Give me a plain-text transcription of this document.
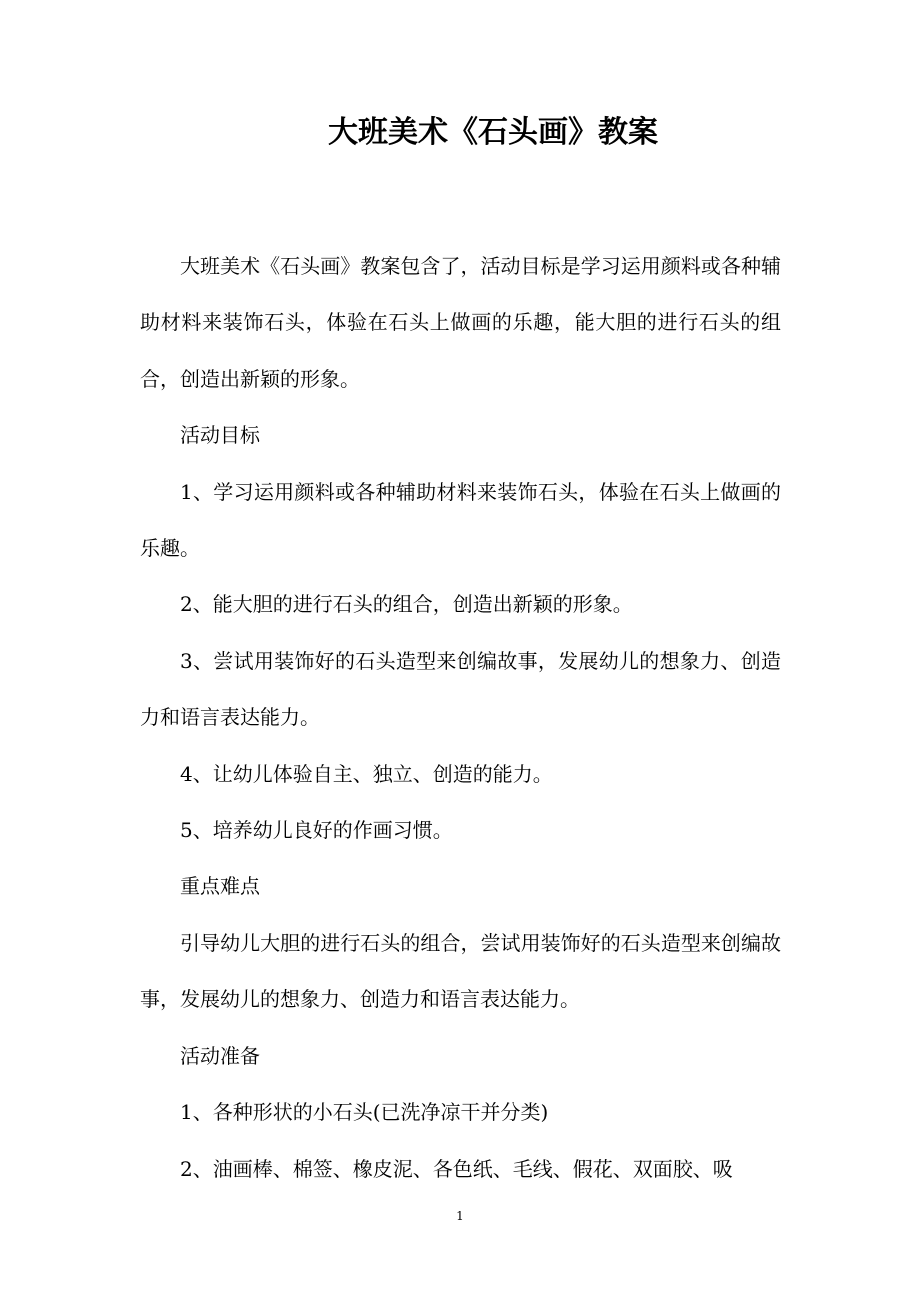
大班美术《石头画》教案

大班美术《石头画》教案包含了，活动目标是学习运用颜料或各种辅助材料来装饰石头，体验在石头上做画的乐趣，能大胆的进行石头的组合，创造出新颖的形象。

活动目标

1、学习运用颜料或各种辅助材料来装饰石头，体验在石头上做画的乐趣。

2、能大胆的进行石头的组合，创造出新颖的形象。

3、尝试用装饰好的石头造型来创编故事，发展幼儿的想象力、创造力和语言表达能力。

4、让幼儿体验自主、独立、创造的能力。

5、培养幼儿良好的作画习惯。

重点难点

引导幼儿大胆的进行石头的组合，尝试用装饰好的石头造型来创编故事，发展幼儿的想象力、创造力和语言表达能力。

活动准备

1、各种形状的小石头(已洗净凉干并分类)

2、油画棒、棉签、橡皮泥、各色纸、毛线、假花、双面胶、吸

1
